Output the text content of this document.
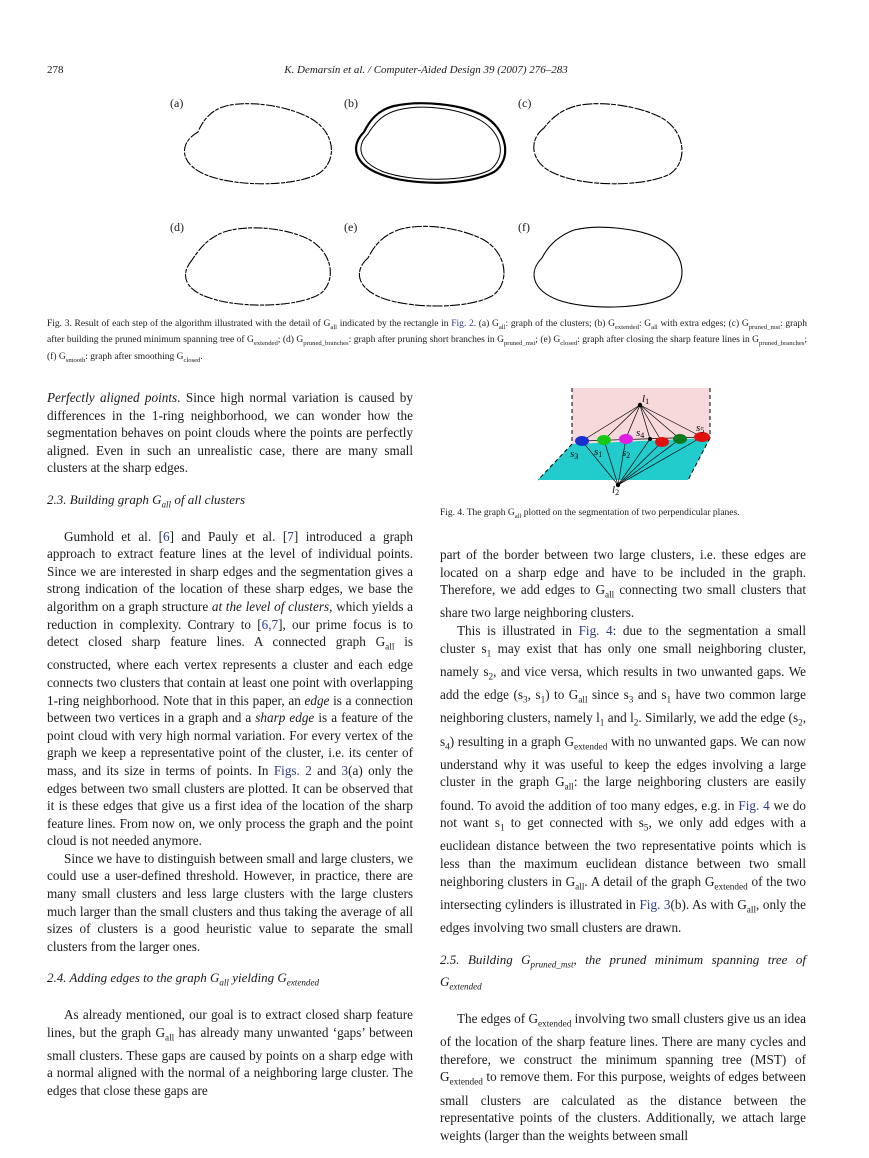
278	K. Demarsin et al. / Computer-Aided Design 39 (2007) 276–283
(a)	(b)	(c)
(d)	(e)	(f)
Fig. 3. Result of each step of the algorithm illustrated with the detail of $G_{all}$ indicated by the rectangle in Fig. 2. (a) $G_{all}$: graph of the clusters; (b) $G_{extended}$: $G_{all}$ with extra edges; (c) $G_{pruned\_mst}$: graph after building the pruned minimum spanning tree of $G_{extended}$; (d) $G_{pruned\_branches}$: graph after pruning short branches in $G_{pruned\_mst}$; (e) $G_{closed}$: graph after closing the sharp feature lines in $G_{pruned\_branches}$; (f) $G_{smooth}$: graph after smoothing $G_{closed}$.
l1
l2
s1 s2
s3
s4
s5
Fig. 4. The graph $G_{all}$ plotted on the segmentation of two perpendicular planes.

Perfectly aligned points. Since high normal variation is caused by differences in the 1-ring neighborhood, we can wonder how the segmentation behaves on point clouds where the points are perfectly aligned. Even in such an unrealistic case, there are many small clusters at the sharp edges.

2.3. Building graph $G_{all}$ of all clusters

Gumhold et al. [6] and Pauly et al. [7] introduced a graph approach to extract feature lines at the level of individual points. Since we are interested in sharp edges and the segmentation gives a strong indication of the location of these sharp edges, we base the algorithm on a graph structure at the level of clusters, which yields a reduction in complexity. Contrary to [6,7], our prime focus is to detect closed sharp feature lines. A connected graph $G_{all}$ is constructed, where each vertex represents a cluster and each edge connects two clusters that contain at least one point with overlapping 1-ring neighborhood. Note that in this paper, an edge is a connection between two vertices in a graph and a sharp edge is a feature of the point cloud with very high normal variation. For every vertex of the graph we keep a representative point of the cluster, i.e. its center of mass, and its size in terms of points. In Figs. 2 and 3(a) only the edges between two small clusters are plotted. It can be observed that it is these edges that give us a first idea of the location of the sharp feature lines. From now on, we only process the graph and the point cloud is not needed anymore.

Since we have to distinguish between small and large clusters, we could use a user-defined threshold. However, in practice, there are many small clusters and less large clusters with the large clusters much larger than the small clusters and thus taking the average of all sizes of clusters is a good heuristic value to separate the small clusters from the larger ones.

2.4. Adding edges to the graph $G_{all}$ yielding $G_{extended}$

As already mentioned, our goal is to extract closed sharp feature lines, but the graph $G_{all}$ has already many unwanted ‘gaps’ between small clusters. These gaps are caused by points on a sharp edge with a normal aligned with the normal of a neighboring large cluster. The edges that close these gaps are

part of the border between two large clusters, i.e. these edges are located on a sharp edge and have to be included in the graph. Therefore, we add edges to $G_{all}$ connecting two small clusters that share two large neighboring clusters.

This is illustrated in Fig. 4: due to the segmentation a small cluster $s_1$ may exist that has only one small neighboring cluster, namely $s_2$, and vice versa, which results in two unwanted gaps. We add the edge ($s_3$, $s_1$) to $G_{all}$ since $s_3$ and $s_1$ have two common large neighboring clusters, namely $l_1$ and $l_2$. Similarly, we add the edge ($s_2$, $s_4$) resulting in a graph $G_{extended}$ with no unwanted gaps. We can now understand why it was useful to keep the edges involving a large cluster in the graph $G_{all}$: the large neighboring clusters are easily found. To avoid the addition of too many edges, e.g. in Fig. 4 we do not want $s_1$ to get connected with $s_5$, we only add edges with a euclidean distance between the two representative points which is less than the maximum euclidean distance between two small neighboring clusters in $G_{all}$. A detail of the graph $G_{extended}$ of the two intersecting cylinders is illustrated in Fig. 3(b). As with $G_{all}$, only the edges involving two small clusters are drawn.

2.5. Building $G_{pruned\_mst}$, the pruned minimum spanning tree of $G_{extended}$

The edges of $G_{extended}$ involving two small clusters give us an idea of the location of the sharp feature lines. There are many cycles and therefore, we construct the minimum spanning tree (MST) of $G_{extended}$ to remove them. For this purpose, weights of edges between small clusters are calculated as the distance between the representative points of the clusters. Additionally, we attach large weights (larger than the weights between small
